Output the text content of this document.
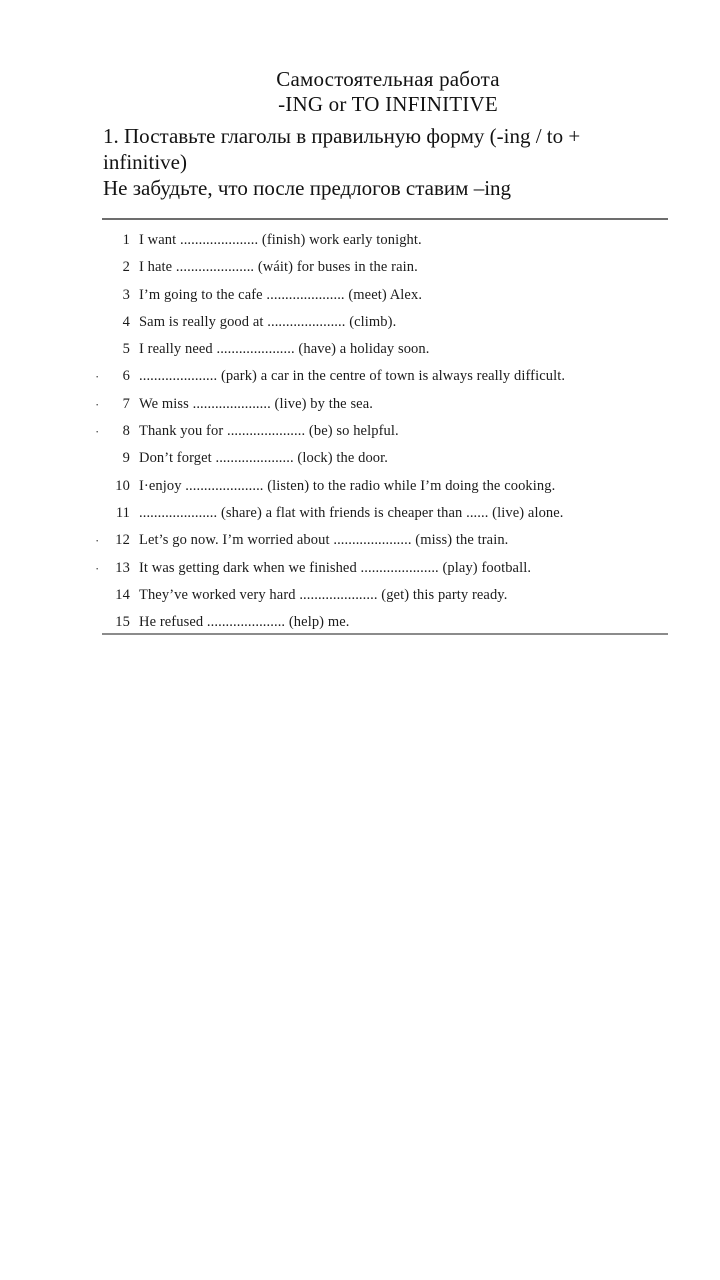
Самостоятельная работа
-ING or TO INFINITIVE
1. Поставьте глаголы в правильную форму (-ing / to +
infinitive)
Не забудьте, что после предлогов ставим –ing
1 I want ..................... (finish) work early tonight.
2 I hate ..................... (wáit) for buses in the rain.
3 I’m going to the cafe ..................... (meet) Alex.
4 Sam is really good at ..................... (climb).
5 I really need ..................... (have) a holiday soon.
· 6 ..................... (park) a car in the centre of town is always really difficult.
· 7 We miss ..................... (live) by the sea.
· 8 Thank you for ..................... (be) so helpful.
9 Don’t forget ..................... (lock) the door.
10 I·enjoy ..................... (listen) to the radio while I’m doing the cooking.
11 ..................... (share) a flat with friends is cheaper than ...... (live) alone.
· 12 Let’s go now. I’m worried about ..................... (miss) the train.
· 13 It was getting dark when we finished ..................... (play) football.
14 They’ve worked very hard ..................... (get) this party ready.
15 He refused ..................... (help) me.
